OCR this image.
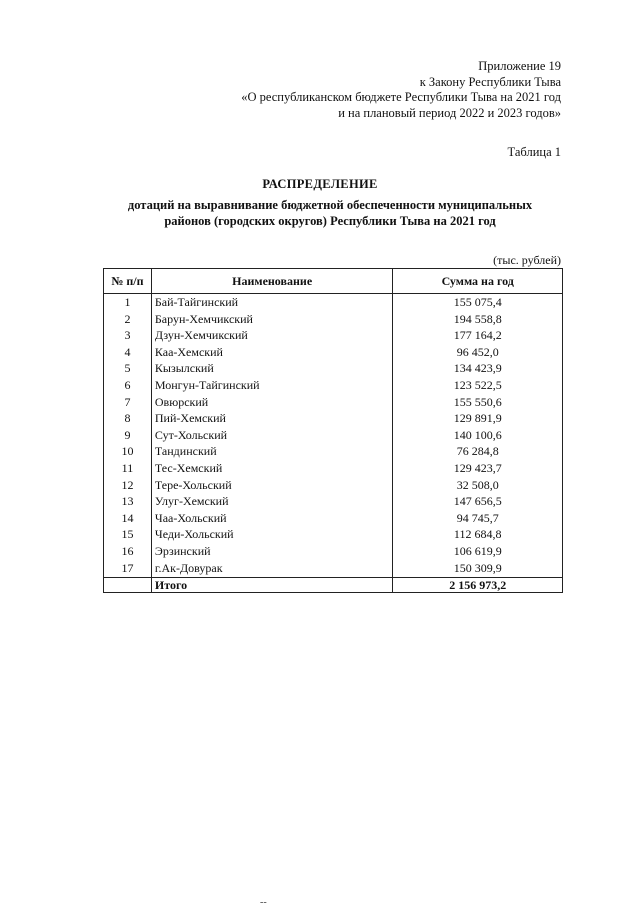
Приложение 19
к Закону Республики Тыва
«О республиканском бюджете Республики Тыва на 2021 год
и на плановый период 2022 и 2023 годов»
Таблица 1
РАСПРЕДЕЛЕНИЕ
дотаций на выравнивание бюджетной обеспеченности муниципальных
районов (городских округов) Республики Тыва на 2021 год
(тыс. рублей)
№ п/п	Наименование	Сумма на год
1	Бай-Тайгинский	155 075,4
2	Барун-Хемчикский	194 558,8
3	Дзун-Хемчикский	177 164,2
4	Каа-Хемский	96 452,0
5	Кызылский	134 423,9
6	Монгун-Тайгинский	123 522,5
7	Овюрский	155 550,6
8	Пий-Хемский	129 891,9
9	Сут-Хольский	140 100,6
10	Тандинский	76 284,8
11	Тес-Хемский	129 423,7
12	Тере-Хольский	32 508,0
13	Улуг-Хемский	147 656,5
14	Чаа-Хольский	94 745,7
15	Чеди-Хольский	112 684,8
16	Эрзинский	106 619,9
17	г.Ак-Довурак	150 309,9
	Итого	2 156 973,2
--
